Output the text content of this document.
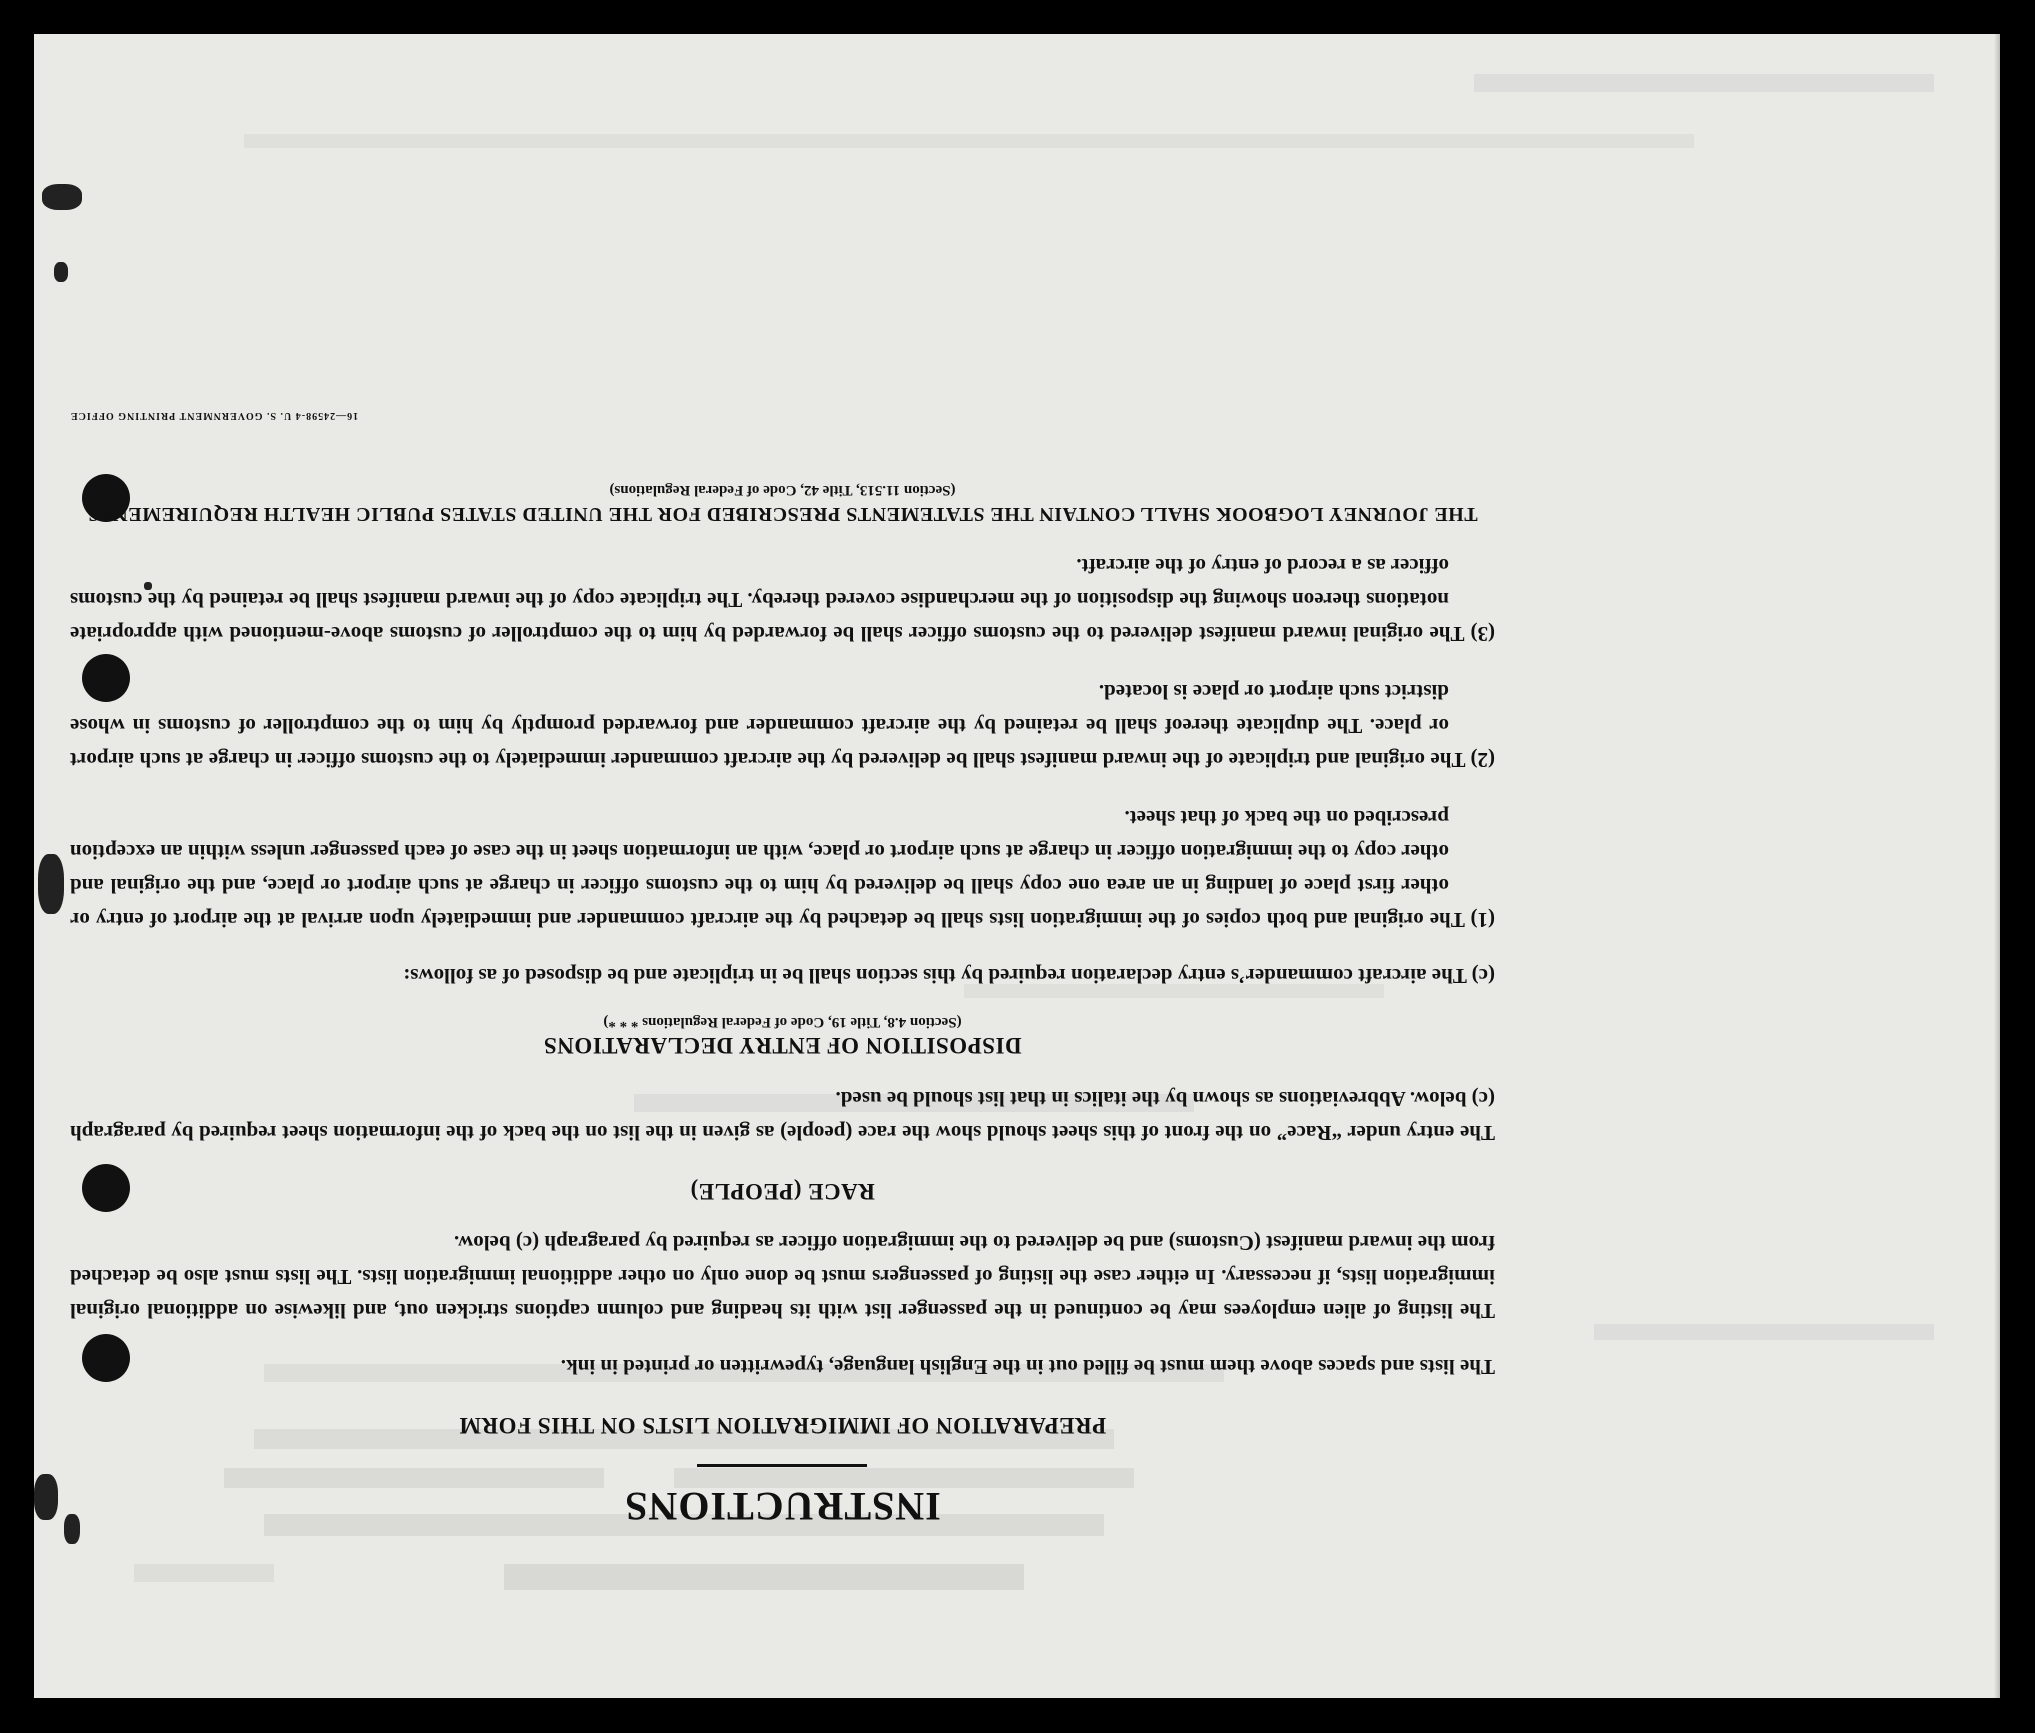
INSTRUCTIONS
PREPARATION OF IMMIGRATION LISTS ON THIS FORM

The lists and spaces above them must be filled out in the English language, typewritten or printed in ink.

The listing of alien employees may be continued in the passenger list with its heading and column captions stricken out, and likewise on additional original immigration lists, if necessary. In either case the listing of passengers must be done only on other additional immigration lists. The lists must also be detached from the inward manifest (Customs) and be delivered to the immigration officer as required by paragraph (c) below.

RACE (PEOPLE)

The entry under “Race” on the front of this sheet should show the race (people) as given in the list on the back of the information sheet required by paragraph (c) below. Abbreviations as shown by the italics in that list should be used.

DISPOSITION OF ENTRY DECLARATIONS

(Section 4.8, Title 19, Code of Federal Regulations * * *)

(c) The aircraft commander’s entry declaration required by this section shall be in triplicate and be disposed of as follows:

(1) The original and both copies of the immigration lists shall be detached by the aircraft commander and immediately upon arrival at the airport of entry or other first place of landing in an area one copy shall be delivered by him to the customs officer in charge at such airport or place, and the original and other copy to the immigration officer in charge at such airport or place, with an information sheet in the case of each passenger unless within an exception prescribed on the back of that sheet.

(2) The original and triplicate of the inward manifest shall be delivered by the aircraft commander immediately to the customs officer in charge at such airport or place. The duplicate thereof shall be retained by the aircraft commander and forwarded promptly by him to the comptroller of customs in whose district such airport or place is located.

(3) The original inward manifest delivered to the customs officer shall be forwarded by him to the comptroller of customs above-mentioned with appropriate notations thereon showing the disposition of the merchandise covered thereby. The triplicate copy of the inward manifest shall be retained by the customs officer as a record of entry of the aircraft.

THE JOURNEY LOGBOOK SHALL CONTAIN THE STATEMENTS PRESCRIBED FOR THE UNITED STATES PUBLIC HEALTH REQUIREMENTS

(Section 11.513, Title 42, Code of Federal Regulations)

16—24598-4 U. S. GOVERNMENT PRINTING OFFICE
